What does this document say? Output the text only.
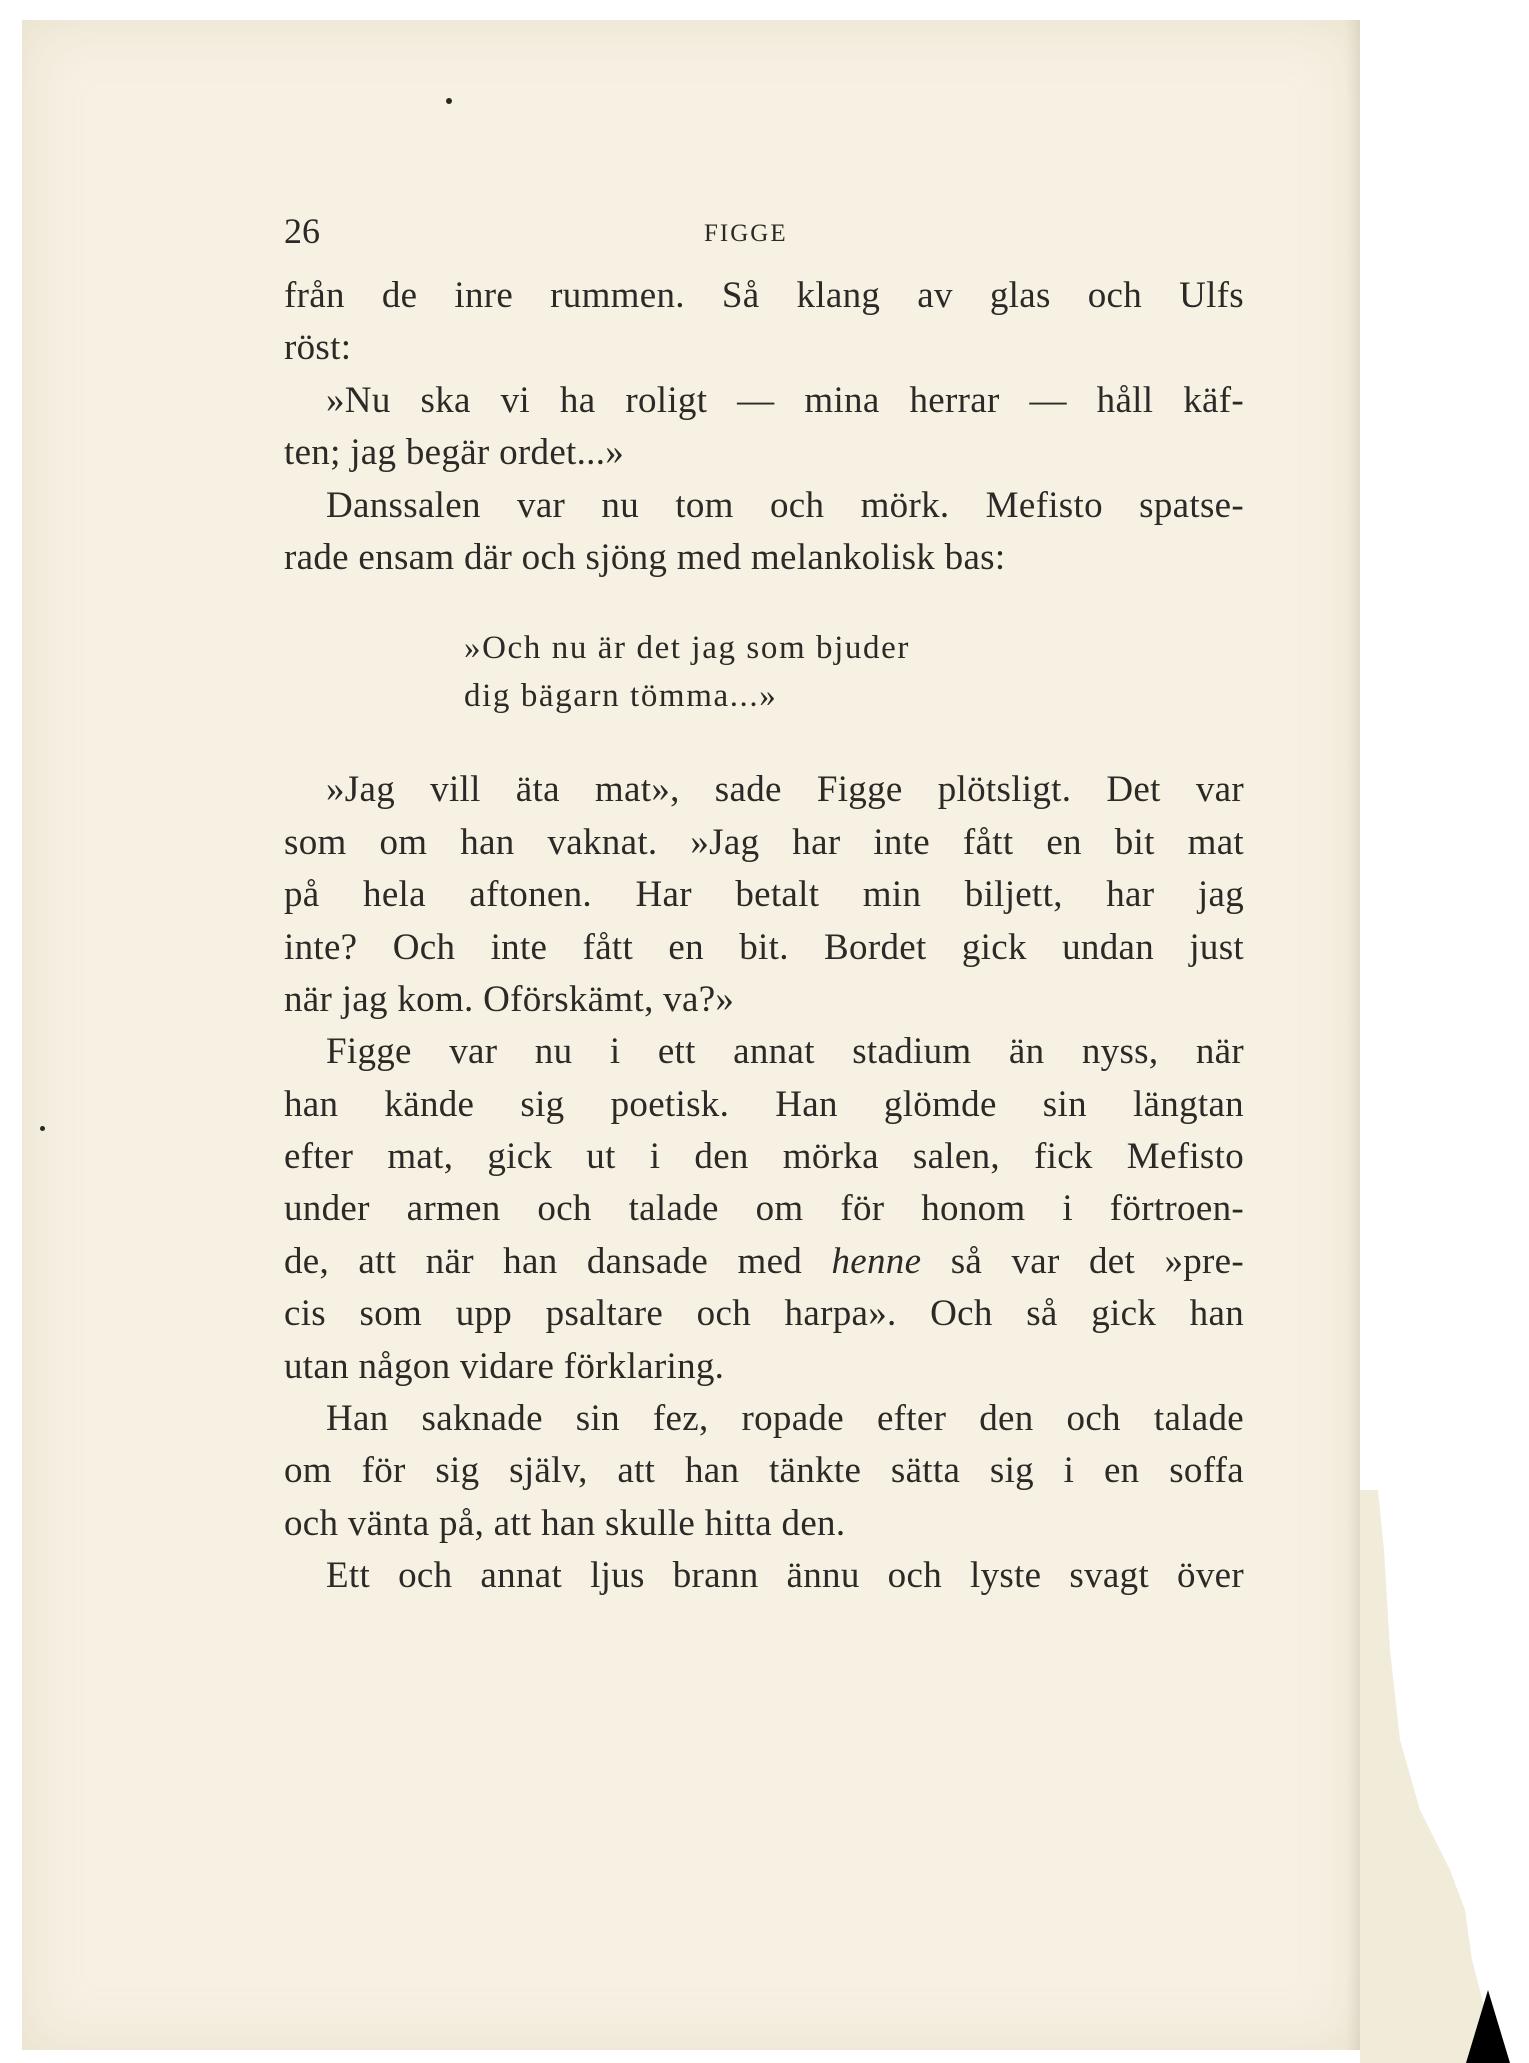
26	FIGGE
från de inre rummen. Så klang av glas och Ulfs
röst:
»Nu ska vi ha roligt — mina herrar — håll käf-
ten; jag begär ordet...»
Danssalen var nu tom och mörk. Mefisto spatse-
rade ensam där och sjöng med melankolisk bas:
»Och nu är det jag som bjuder
dig bägarn tömma...»
»Jag vill äta mat», sade Figge plötsligt. Det var
som om han vaknat. »Jag har inte fått en bit mat
på hela aftonen. Har betalt min biljett, har jag
inte? Och inte fått en bit. Bordet gick undan just
när jag kom. Oförskämt, va?»
Figge var nu i ett annat stadium än nyss, när
han kände sig poetisk. Han glömde sin längtan
efter mat, gick ut i den mörka salen, fick Mefisto
under armen och talade om för honom i förtroen-
de, att när han dansade med henne så var det »pre-
cis som upp psaltare och harpa». Och så gick han
utan någon vidare förklaring.
Han saknade sin fez, ropade efter den och talade
om för sig själv, att han tänkte sätta sig i en soffa
och vänta på, att han skulle hitta den.
Ett och annat ljus brann ännu och lyste svagt över
